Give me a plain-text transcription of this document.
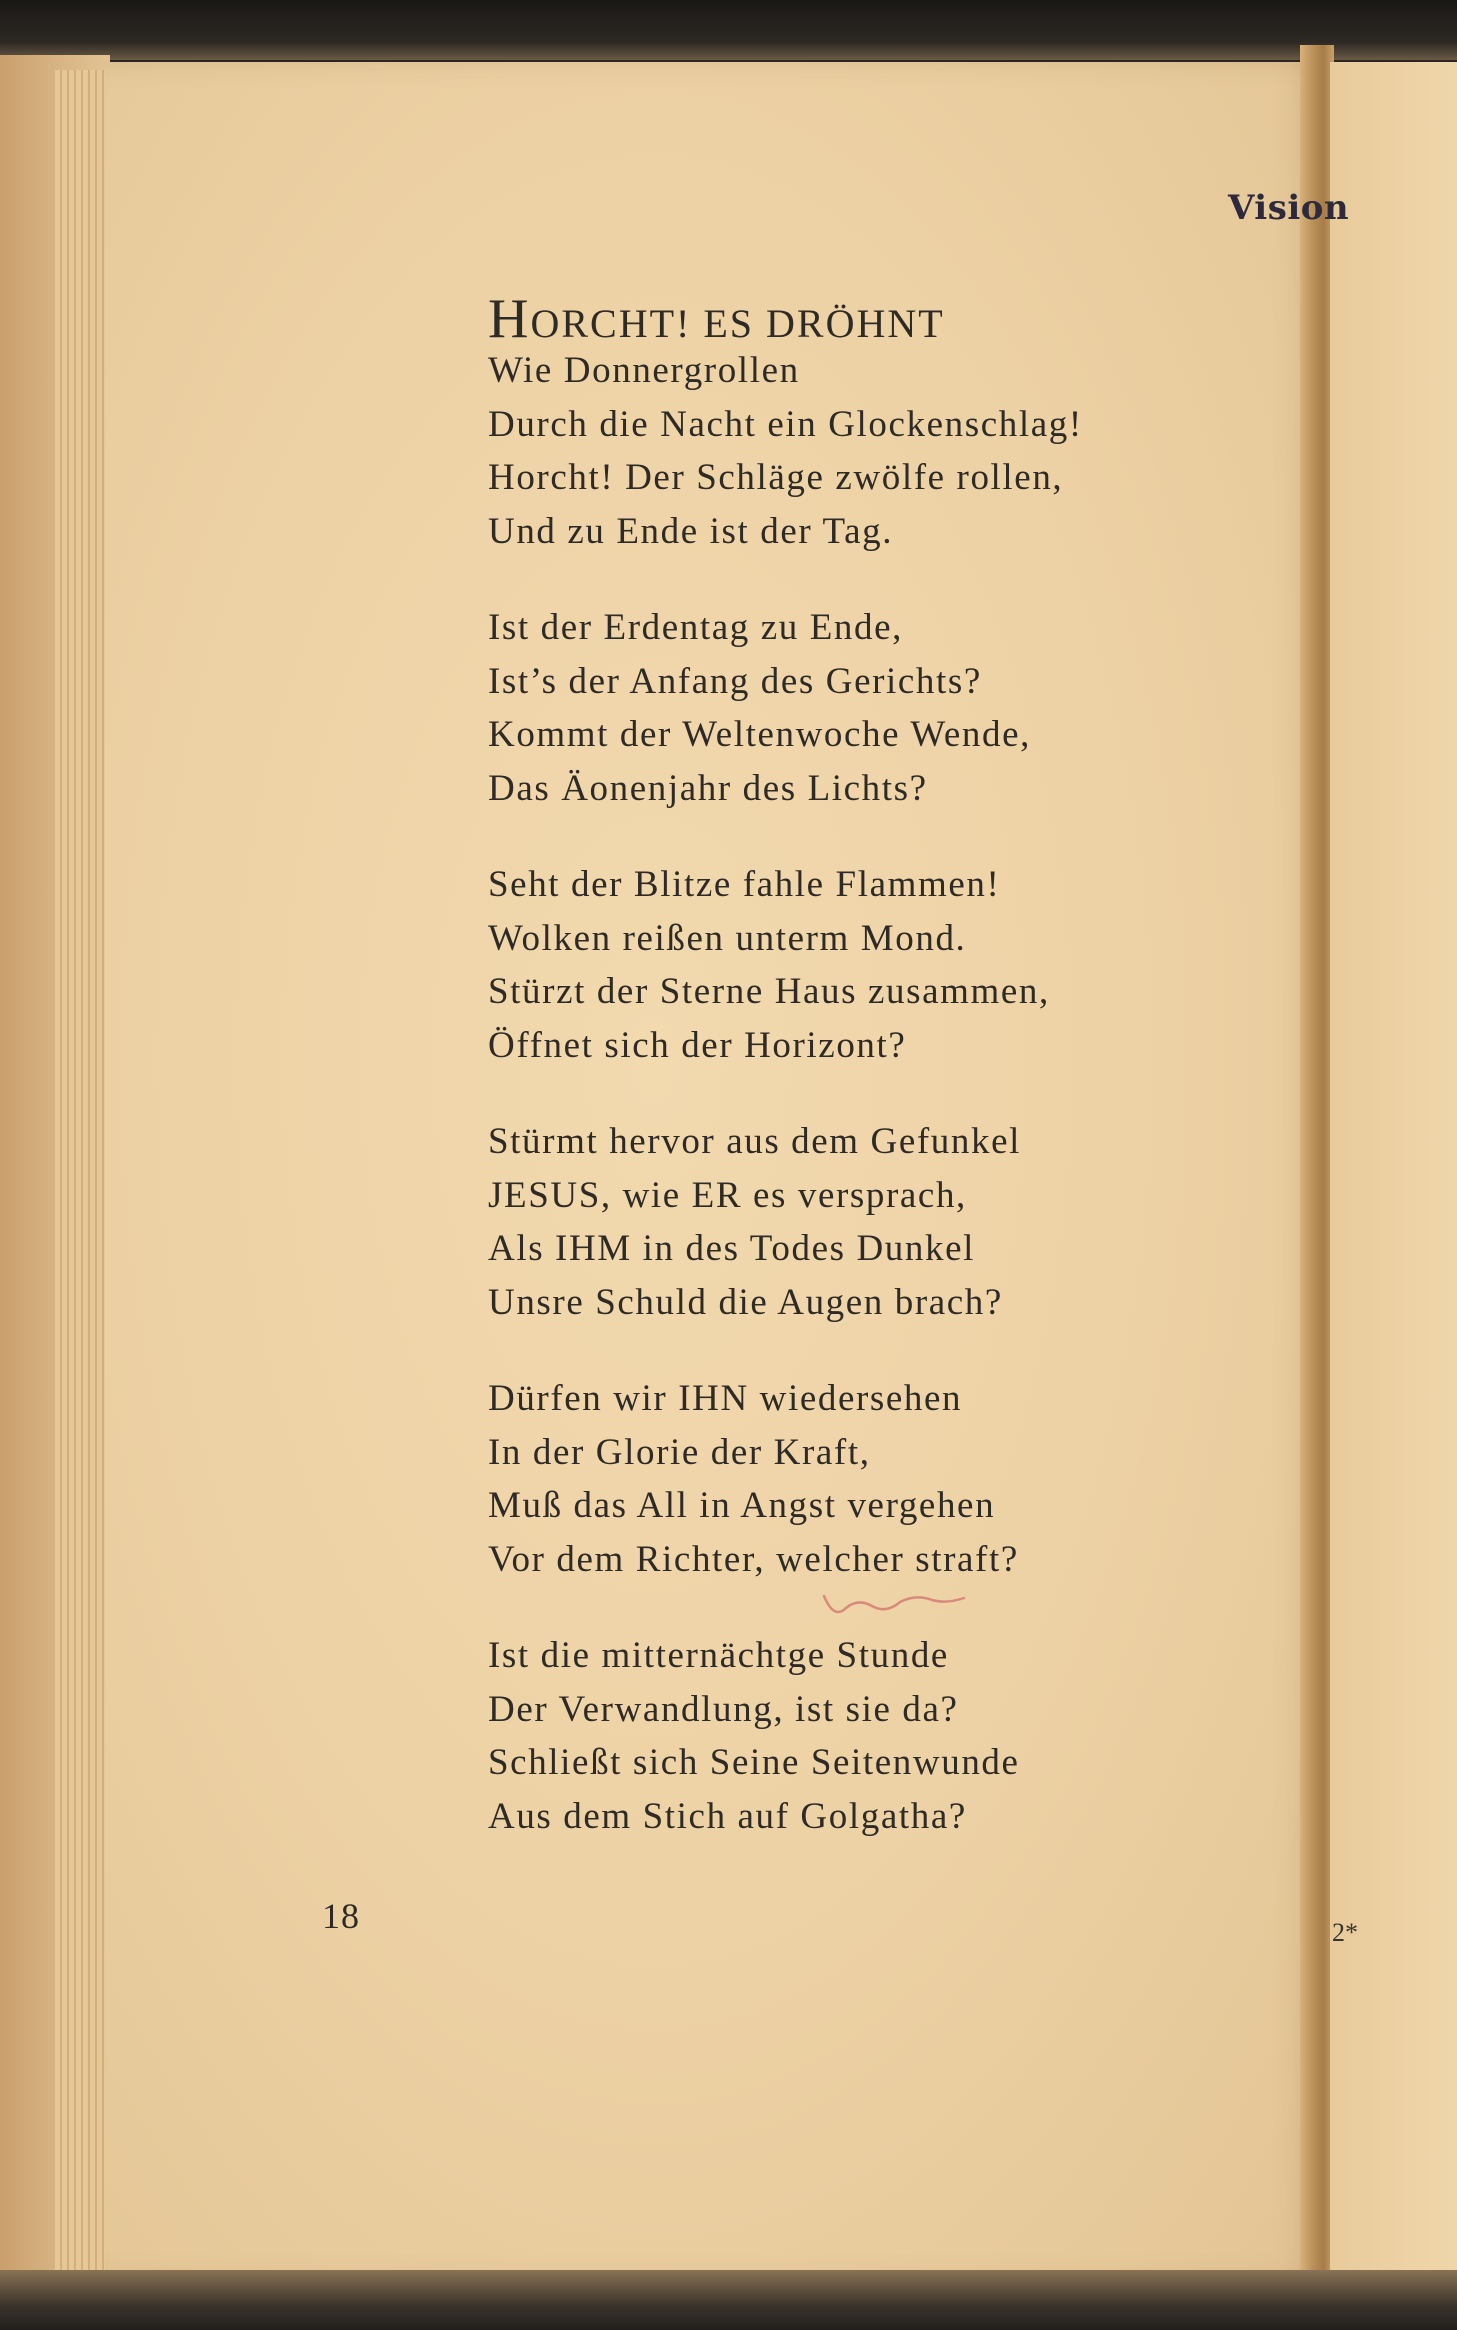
Vision
2*
HORCHT! ES DRÖHNT
Wie Donnergrollen
Durch die Nacht ein Glockenschlag!
Horcht! Der Schläge zwölfe rollen,
Und zu Ende ist der Tag.
Ist der Erdentag zu Ende,
Ist’s der Anfang des Gerichts?
Kommt der Weltenwoche Wende,
Das Äonenjahr des Lichts?
Seht der Blitze fahle Flammen!
Wolken reißen unterm Mond.
Stürzt der Sterne Haus zusammen,
Öffnet sich der Horizont?
Stürmt hervor aus dem Gefunkel
JESUS, wie ER es versprach,
Als IHM in des Todes Dunkel
Unsre Schuld die Augen brach?
Dürfen wir IHN wiedersehen
In der Glorie der Kraft,
Muß das All in Angst vergehen
Vor dem Richter, welcher straft?
Ist die mitternächtge Stunde
Der Verwandlung, ist sie da?
Schließt sich Seine Seitenwunde
Aus dem Stich auf Golgatha?
18
